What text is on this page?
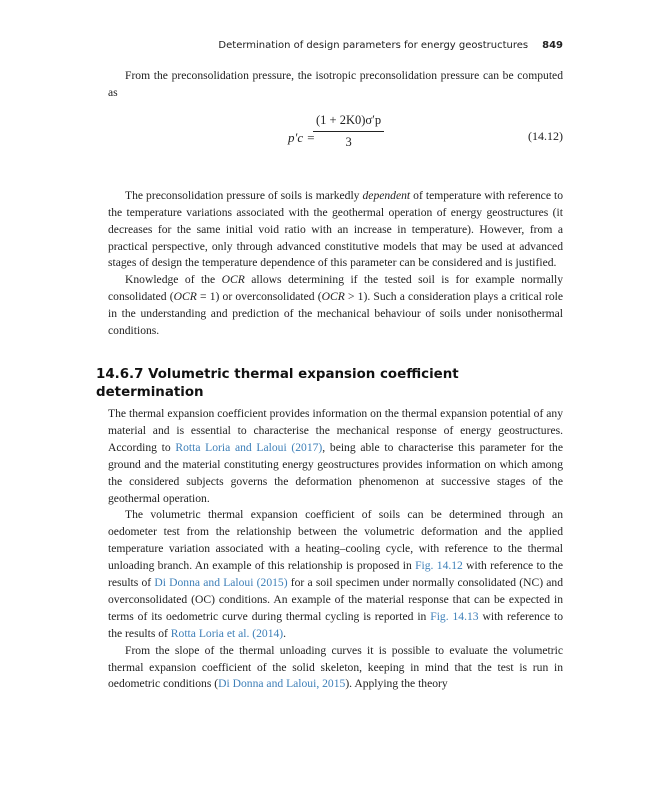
Determination of design parameters for energy geostructures 849

From the preconsolidation pressure, the isotropic preconsolidation pressure can be computed as

p′c =
$\frac{(1 + 2K0)\sigma'p}{3}$	(14.12)

The preconsolidation pressure of soils is markedly dependent of temperature with reference to the temperature variations associated with the geothermal operation of energy geostructures (it decreases for the same initial void ratio with an increase in temperature). However, from a practical perspective, only through advanced constitutive models that may be used at advanced stages of design the temperature dependence of this parameter can be considered and is justified.

Knowledge of the OCR allows determining if the tested soil is for example normally consolidated (OCR = 1) or overconsolidated (OCR > 1). Such a consideration plays a critical role in the understanding and prediction of the mechanical behaviour of soils under nonisothermal conditions.

14.6.7 Volumetric thermal expansion coefficient determination

The thermal expansion coefficient provides information on the thermal expansion potential of any material and is essential to characterise the mechanical response of energy geostructures. According to Rotta Loria and Laloui (2017), being able to characterise this parameter for the ground and the material constituting energy geostructures provides information on which among the considered subjects governs the deformation phenomenon at successive stages of the geothermal operation.

The volumetric thermal expansion coefficient of soils can be determined through an oedometer test from the relationship between the volumetric deformation and the applied temperature variation associated with a heating–cooling cycle, with reference to the thermal unloading branch. An example of this relationship is proposed in Fig. 14.12 with reference to the results of Di Donna and Laloui (2015) for a soil specimen under normally consolidated (NC) and overconsolidated (OC) conditions. An example of the material response that can be expected in terms of its oedometric curve during thermal cycling is reported in Fig. 14.13 with reference to the results of Rotta Loria et al. (2014).

From the slope of the thermal unloading curves it is possible to evaluate the volumetric thermal expansion coefficient of the solid skeleton, keeping in mind that the test is run in oedometric conditions (Di Donna and Laloui, 2015). Applying the theory
